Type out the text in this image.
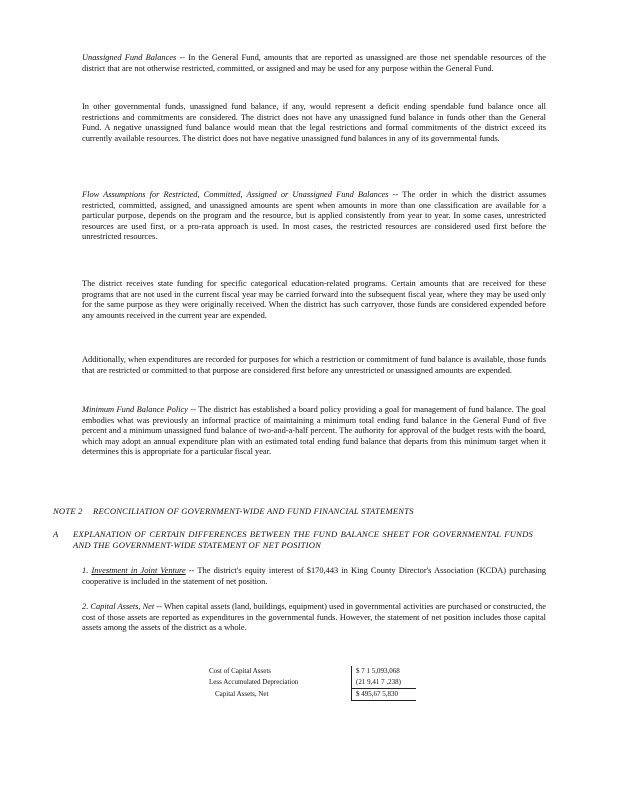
Unassigned Fund Balances -- In the General Fund, amounts that are reported as unassigned are those net spendable resources of the district that are not otherwise restricted, committed, or assigned and may be used for any purpose within the General Fund.

In other governmental funds, unassigned fund balance, if any, would represent a deficit ending spendable fund balance once all restrictions and commitments are considered. The district does not have any unassigned fund balance in funds other than the General Fund. A negative unassigned fund balance would mean that the legal restrictions and formal commitments of the district exceed its currently available resources. The district does not have negative unassigned fund balances in any of its governmental funds.

Flow Assumptions for Restricted, Committed, Assigned or Unassigned Fund Balances -- The order in which the district assumes restricted, committed, assigned, and unassigned amounts are spent when amounts in more than one classification are available for a particular purpose, depends on the program and the resource, but is applied consistently from year to year. In some cases, unrestricted resources are used first, or a pro-rata approach is used. In most cases, the restricted resources are considered used first before the unrestricted resources.

The district receives state funding for specific categorical education-related programs. Certain amounts that are received for these programs that are not used in the current fiscal year may be carried forward into the subsequent fiscal year, where they may be used only for the same purpose as they were originally received. When the district has such carryover, those funds are considered expended before any amounts received in the current year are expended.

Additionally, when expenditures are recorded for purposes for which a restriction or commitment of fund balance is available, those funds that are restricted or committed to that purpose are considered first before any unrestricted or unassigned amounts are expended.

Minimum Fund Balance Policy -- The district has established a board policy providing a goal for management of fund balance. The goal embodies what was previously an informal practice of maintaining a minimum total ending fund balance in the General Fund of five percent and a minimum unassigned fund balance of two-and-a-half percent. The authority for approval of the budget rests with the board, which may adopt an annual expenditure plan with an estimated total ending fund balance that departs from this minimum target when it determines this is appropriate for a particular fiscal year.

NOTE 2 RECONCILIATION OF GOVERNMENT-WIDE AND FUND FINANCIAL STATEMENTS
A EXPLANATION OF CERTAIN DIFFERENCES BETWEEN THE FUND BALANCE SHEET FOR GOVERNMENTAL FUNDS AND THE GOVERNMENT-WIDE STATEMENT OF NET POSITION

1. Investment in Joint Venture -- The district's equity interest of $170,443 in King County Director's Association (KCDA) purchasing cooperative is included in the statement of net position.

2. Capital Assets, Net -- When capital assets (land, buildings, equipment) used in governmental activities are purchased or constructed, the cost of those assets are reported as expenditures in the governmental funds. However, the statement of net position includes those capital assets among the assets of the district as a whole.

Cost of Capital Assets	$ 7 1 5,093,068
Less Accumulated Depreciation	(21 9,41 7 ,238)
Capital Assets, Net	$ 495,67 5,830
